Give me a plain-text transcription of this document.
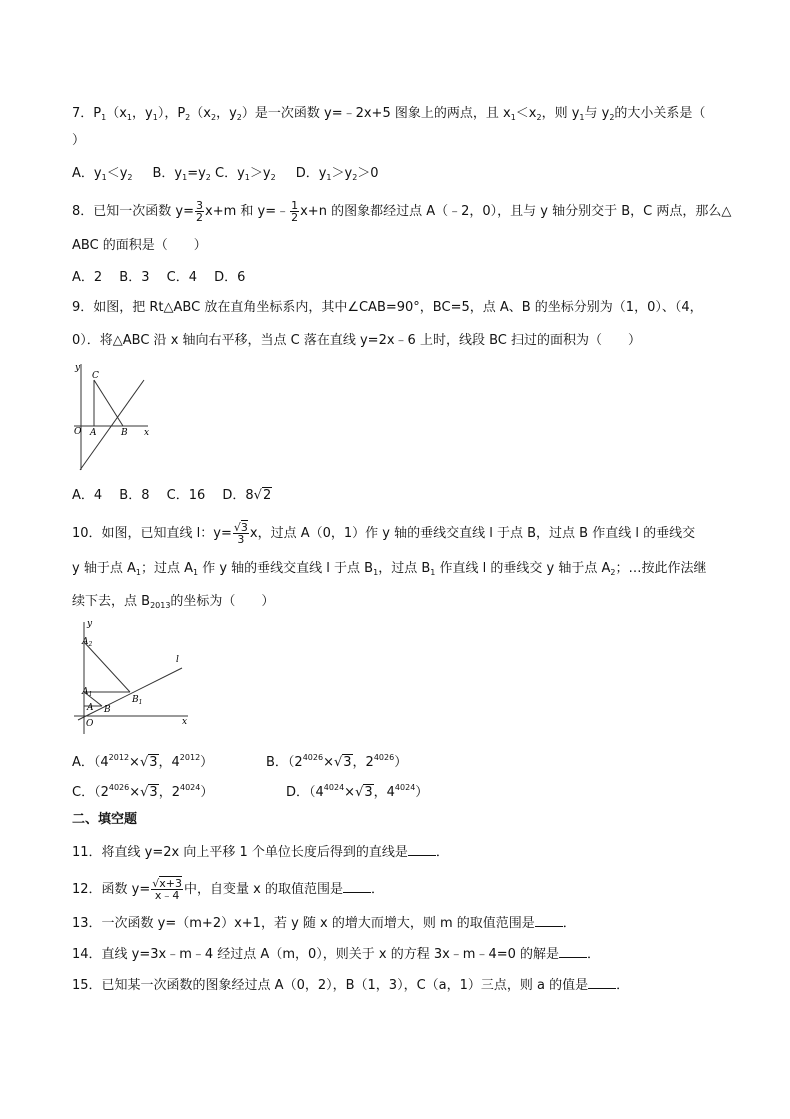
7．$P_1(x_1$，$y_1$），$P_2(x_2$，$y_2$）是一次函数 y=﹣2x+5 图象上的两点，且 $x_1<x_2$，则 $y_1$与 $y_2$的大小关系是（
）
A．$y_1<y_2$ B．$y_1=y_2$ C．$y_1>y_2$ D．$y_1>y_2>0$
8．已知一次函数 $y= \frac{3}{2} x+m$ 和 y=﹣ $\frac{1}{2} x+n$ 的图象都经过点 A（﹣2，0），且与 y 轴分别交于 B，C 两点，那么△
ABC 的面积是（　　）
A．2　 B．3　 C．4　 D．6
9．如图，把 Rt△ABC 放在直角坐标系内，其中∠CAB=90°，BC=5，点 A、B 的坐标分别为（1，0）、（4，
0）．将△ABC 沿 x 轴向右平移，当点 C 落在直线 y=2x﹣6 上时，线段 BC 扫过的面积为（　　）
y
C
O A	B x
A．4　 B．8　 C．16　 D．8√2
10．如图，已知直线 l：$y= \frac{√3}{3}$ x，过点 A（0，1）作 y 轴的垂线交直线 l 于点 B，过点 B 作直线 l 的垂线交
y 轴于点 $A_1$；过点 $A_1$ 作 y 轴的垂线交直线 l 于点 $B_1$，过点 $B_1$ 作直线 l 的垂线交 y 轴于点 $A_2$；…按此作法继
续下去，点 $B_{2013}$的坐标为（　　）
y
$A_2$
l
$A_1$
$B_1$
A B
O	x
A．（$4^{2012}\times√3$，$4^{2012}$）	B．（$2^{4026}\times√3$，$2^{4026}$）
C．（$2^{4026}\times√3$，$2^{4024}$）	D．（$4^{4024}\times√3$，$4^{4024}$）
二、填空题
11．将直线 y=2x 向上平移 1 个单位长度后得到的直线是 ．
12．函数 $y= \frac{√x+3}{x﹣4}$ 中，自变量 x 的取值范围是 ．
13．一次函数 y=（m+2）x+1，若 y 随 x 的增大而增大，则 m 的取值范围是 ．
14．直线 y=3x﹣m﹣4 经过点 A（m，0），则关于 x 的方程 3x﹣m﹣4=0 的解是 ．
15．已知某一次函数的图象经过点 A（0，2），B（1，3），C（a，1）三点，则 a 的值是 ．
